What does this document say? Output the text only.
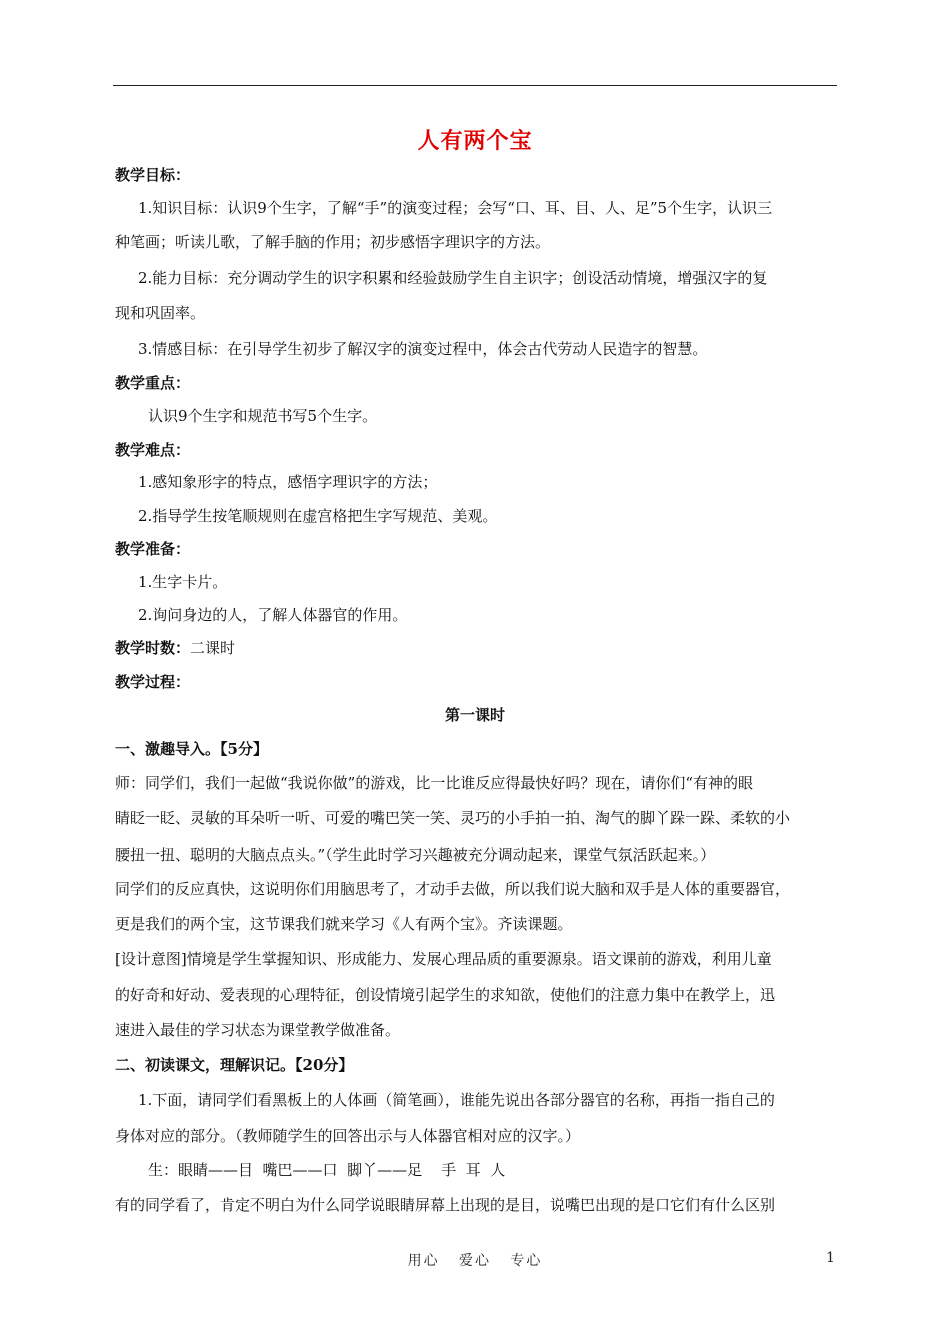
人有两个宝
教学目标：
1.知识目标：认识9个生字，了解“手”的演变过程；会写“口、耳、目、人、足”5个生字，认识三
种笔画；听读儿歌，了解手脑的作用；初步感悟字理识字的方法。
2.能力目标：充分调动学生的识字积累和经验鼓励学生自主识字；创设活动情境，增强汉字的复
现和巩固率。
3.情感目标：在引导学生初步了解汉字的演变过程中，体会古代劳动人民造字的智慧。
教学重点：
认识9个生字和规范书写5个生字。
教学难点：
1.感知象形字的特点，感悟字理识字的方法；
2.指导学生按笔顺规则在虚宫格把生字写规范、美观。
教学准备：
1.生字卡片。
2.询问身边的人，了解人体器官的作用。
教学时数：二课时
教学过程：
第一课时
一、激趣导入。【5分】
师：同学们，我们一起做“我说你做”的游戏，比一比谁反应得最快好吗？现在，请你们“有神的眼
睛眨一眨、灵敏的耳朵听一听、可爱的嘴巴笑一笑、灵巧的小手拍一拍、淘气的脚丫跺一跺、柔软的小
腰扭一扭、聪明的大脑点点头。”（学生此时学习兴趣被充分调动起来，课堂气氛活跃起来。）
同学们的反应真快，这说明你们用脑思考了，才动手去做，所以我们说大脑和双手是人体的重要器官，
更是我们的两个宝，这节课我们就来学习《人有两个宝》。齐读课题。
[设计意图]情境是学生掌握知识、形成能力、发展心理品质的重要源泉。语文课前的游戏，利用儿童
的好奇和好动、爱表现的心理特征，创设情境引起学生的求知欲，使他们的注意力集中在教学上，迅
速进入最佳的学习状态为课堂教学做准备。
二、初读课文，理解识记。【20分】
1.下面，请同学们看黑板上的人体画（简笔画），谁能先说出各部分器官的名称，再指一指自己的
身体对应的部分。（教师随学生的回答出示与人体器官相对应的汉字。）
生：眼睛——目  嘴巴——口  脚丫——足    手  耳  人
有的同学看了，肯定不明白为什么同学说眼睛屏幕上出现的是目，说嘴巴出现的是口它们有什么区别
用心   爱心   专心	1
